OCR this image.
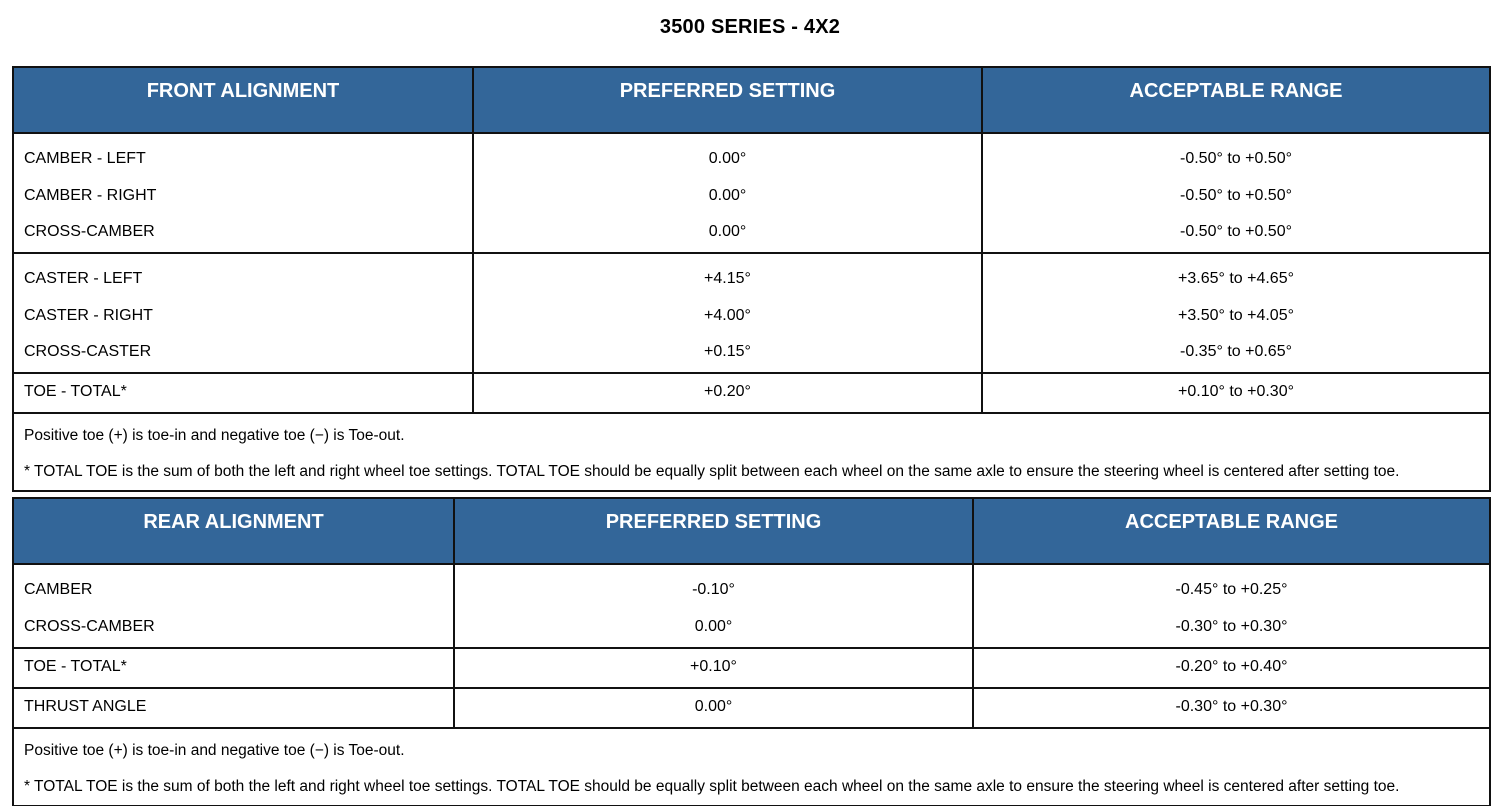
3500 SERIES - 4X2
FRONT ALIGNMENT	PREFERRED SETTING	ACCEPTABLE RANGE
CAMBER - LEFT	0.00°	-0.50° to +0.50°
CAMBER - RIGHT	0.00°	-0.50° to +0.50°
CROSS-CAMBER	0.00°	-0.50° to +0.50°
CASTER - LEFT	+4.15°	+3.65° to +4.65°
CASTER - RIGHT	+4.00°	+3.50° to +4.05°
CROSS-CASTER	+0.15°	-0.35° to +0.65°
TOE - TOTAL*	+0.20°	+0.10° to +0.30°
Positive toe (+) is toe-in and negative toe (−) is Toe-out.		
* TOTAL TOE is the sum of both the left and right wheel toe settings. TOTAL TOE should be equally split between each wheel on the same axle to ensure the steering wheel is centered after setting toe.		
REAR ALIGNMENT	PREFERRED SETTING	ACCEPTABLE RANGE
CAMBER	-0.10°	-0.45° to +0.25°
CROSS-CAMBER	0.00°	-0.30° to +0.30°
TOE - TOTAL*	+0.10°	-0.20° to +0.40°
THRUST ANGLE	0.00°	-0.30° to +0.30°
Positive toe (+) is toe-in and negative toe (−) is Toe-out.		
* TOTAL TOE is the sum of both the left and right wheel toe settings. TOTAL TOE should be equally split between each wheel on the same axle to ensure the steering wheel is centered after setting toe.		
